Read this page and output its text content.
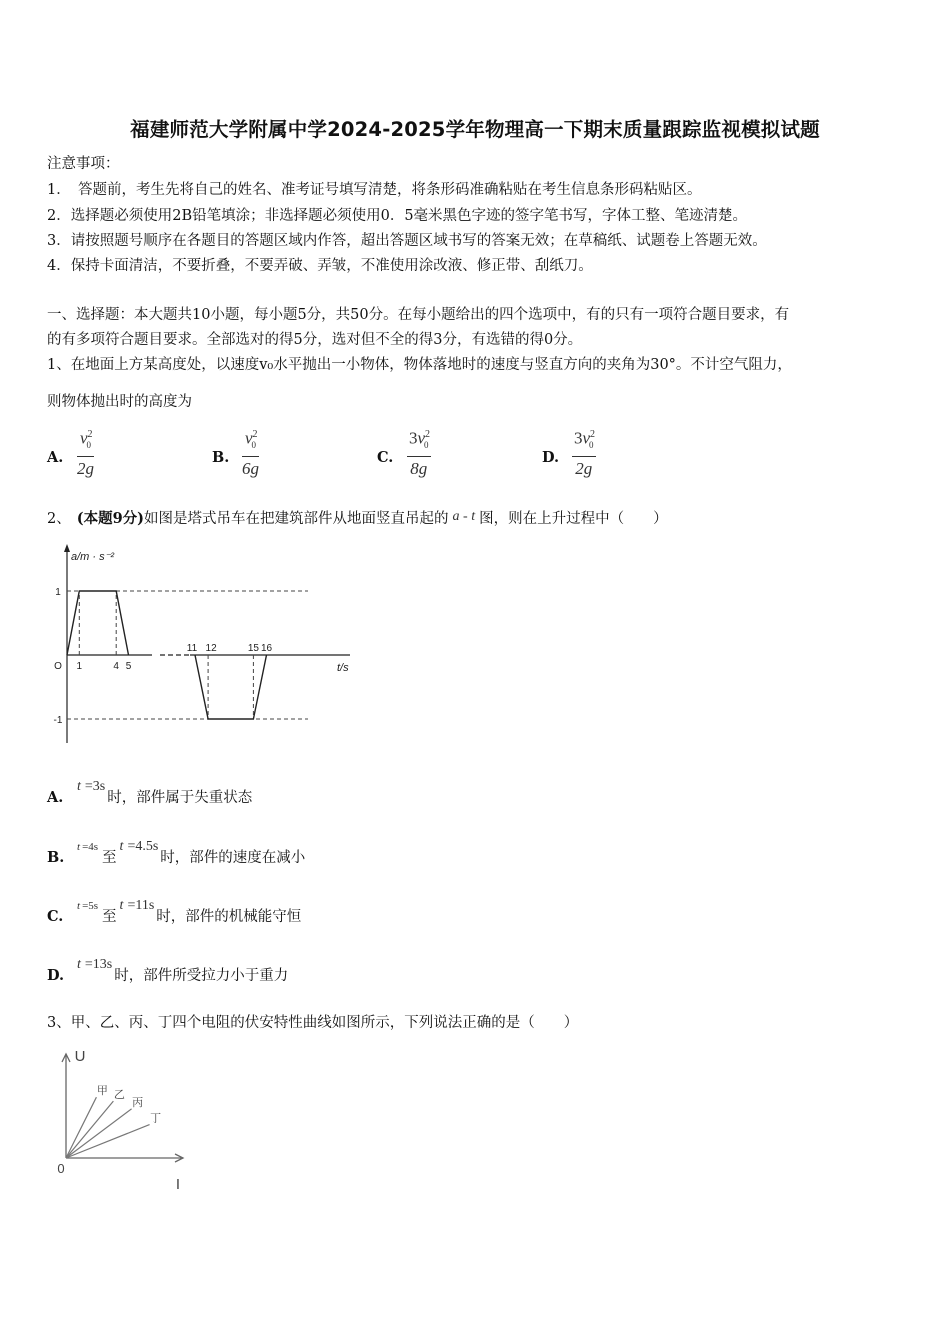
福建师范大学附属中学2024-2025学年物理高一下期末质量跟踪监视模拟试题
注意事项：
1．　答题前，考生先将自己的姓名、准考证号填写清楚，将条形码准确粘贴在考生信息条形码粘贴区。
2．选择题必须使用2B铅笔填涂；非选择题必须使用0．5毫米黑色字迹的签字笔书写，字体工整、笔迹清楚。
3．请按照题号顺序在各题目的答题区域内作答，超出答题区域书写的答案无效；在草稿纸、试题卷上答题无效。
4．保持卡面清洁，不要折叠，不要弄破、弄皱，不准使用涂改液、修正带、刮纸刀。
一、选择题：本大题共10小题，每小题5分，共50分。在每小题给出的四个选项中，有的只有一项符合题目要求，有
的有多项符合题目要求。全部选对的得5分，选对但不全的得3分，有选错的得0分。
1、在地面上方某高度处，以速度v₀水平抛出一小物体，物体落地时的速度与竖直方向的夹角为30°。不计空气阻力，
则物体抛出时的高度为
A. $\frac{v^2_0}{2g}$	B. $\frac{v^2_0}{6g}$	C. $\frac{3v^2_0}{8g}$	D. $\frac{3v^2_0}{2g}$
2、 (本题9分)如图是塔式吊车在把建筑部件从地面竖直吊起的 a - t 图，则在上升过程中（　　）
a/m · s⁻²
t/s
1
O
-1
1	4 5
11 12	15 16
A.t =3s时，部件属于失重状态
B.$^{t =4s}$至t =4.5s时，部件的速度在减小
C.$^{t =5s}$至t =11s时，部件的机械能守恒
D.t =13s时，部件所受拉力小于重力
3、甲、乙、丙、丁四个电阻的伏安特性曲线如图所示，下列说法正确的是（　　）
U
I
0
甲 乙
丙
丁
